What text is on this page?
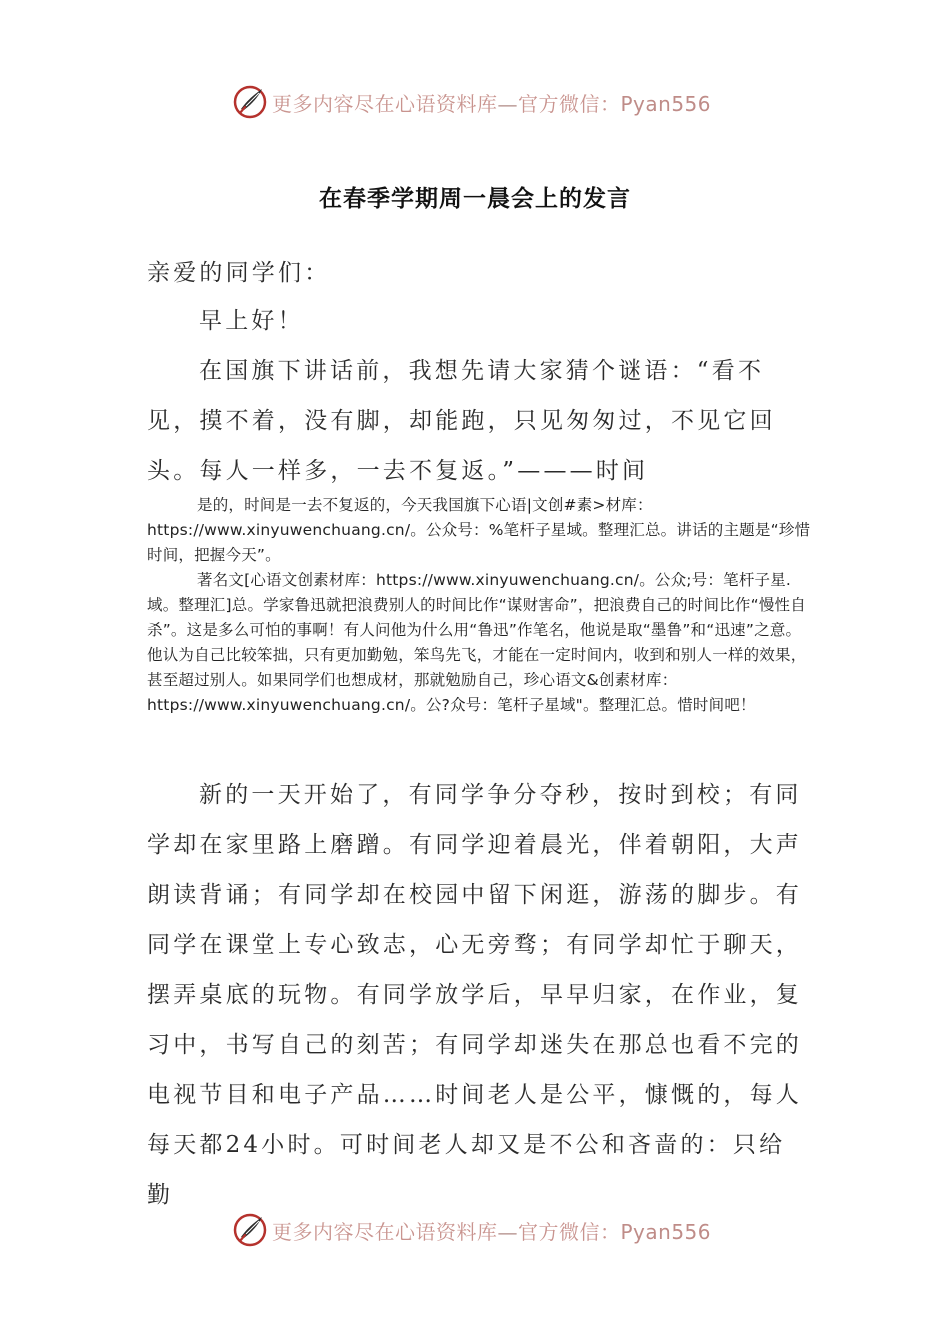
更多内容尽在心语资料库—官方微信：Pyan556
在春季学期周一晨会上的发言

亲爱的同学们：

早上好！

在国旗下讲话前，我想先请大家猜个谜语：“看不见，摸不着，没有脚，却能跑，只见匆匆过，不见它回头。每人一样多，一去不复返。”———时间

是的，时间是一去不复返的，今天我国旗下心语|文创#素>材库：https://www.xinyuwenchuang.cn/。公众号：%笔杆子星域。整理汇总。讲话的主题是“珍惜时间，把握今天”。

著名文[心语文创素材库：https://www.xinyuwenchuang.cn/。公众;号：笔杆子星.域。整理汇]总。学家鲁迅就把浪费别人的时间比作“谋财害命”，把浪费自己的时间比作“慢性自杀”。这是多么可怕的事啊！有人问他为什么用“鲁迅”作笔名，他说是取“墨鲁”和“迅速”之意。他认为自己比较笨拙，只有更加勤勉，笨鸟先飞，才能在一定时间内，收到和别人一样的效果，甚至超过别人。如果同学们也想成材，那就勉励自己，珍心语文&创素材库：https://www.xinyuwenchuang.cn/。公?众号：笔杆子星域"。整理汇总。惜时间吧！

新的一天开始了，有同学争分夺秒，按时到校；有同学却在家里路上磨蹭。有同学迎着晨光，伴着朝阳，大声朗读背诵；有同学却在校园中留下闲逛，游荡的脚步。有同学在课堂上专心致志，心无旁骛；有同学却忙于聊天，摆弄桌底的玩物。有同学放学后，早早归家，在作业，复习中，书写自己的刻苦；有同学却迷失在那总也看不完的电视节目和电子产品……时间老人是公平，慷慨的，每人每天都24小时。可时间老人却又是不公和吝啬的：只给勤

更多内容尽在心语资料库—官方微信：Pyan556
